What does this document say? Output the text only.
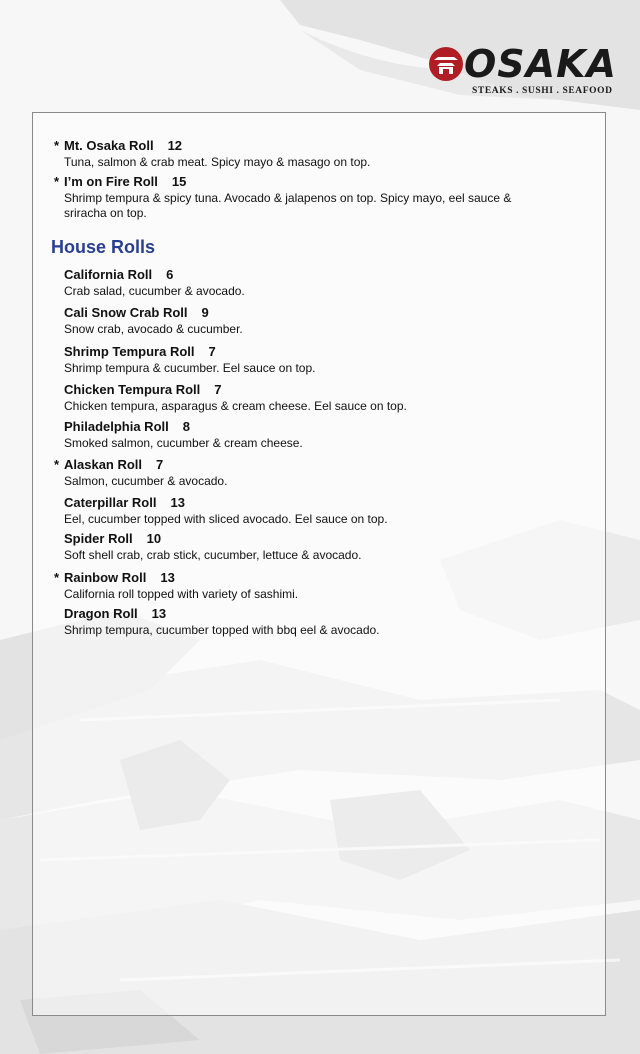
OSAKA
STEAKS . SUSHI . SEAFOOD
* Mt. Osaka Roll 12
Tuna, salmon & crab meat. Spicy mayo & masago on top.
* I’m on Fire Roll 15
Shrimp tempura & spicy tuna. Avocado & jalapenos on top. Spicy mayo, eel sauce & sriracha on top.
House Rolls
California Roll 6
Crab salad, cucumber & avocado.
Cali Snow Crab Roll 9
Snow crab, avocado & cucumber.
Shrimp Tempura Roll 7
Shrimp tempura & cucumber. Eel sauce on top.
Chicken Tempura Roll 7
Chicken tempura, asparagus & cream cheese. Eel sauce on top.
Philadelphia Roll 8
Smoked salmon, cucumber & cream cheese.
* Alaskan Roll 7
Salmon, cucumber & avocado.
Caterpillar Roll 13
Eel, cucumber topped with sliced avocado. Eel sauce on top.
Spider Roll 10
Soft shell crab, crab stick, cucumber, lettuce & avocado.
* Rainbow Roll 13
California roll topped with variety of sashimi.
Dragon Roll 13
Shrimp tempura, cucumber topped with bbq eel & avocado.
